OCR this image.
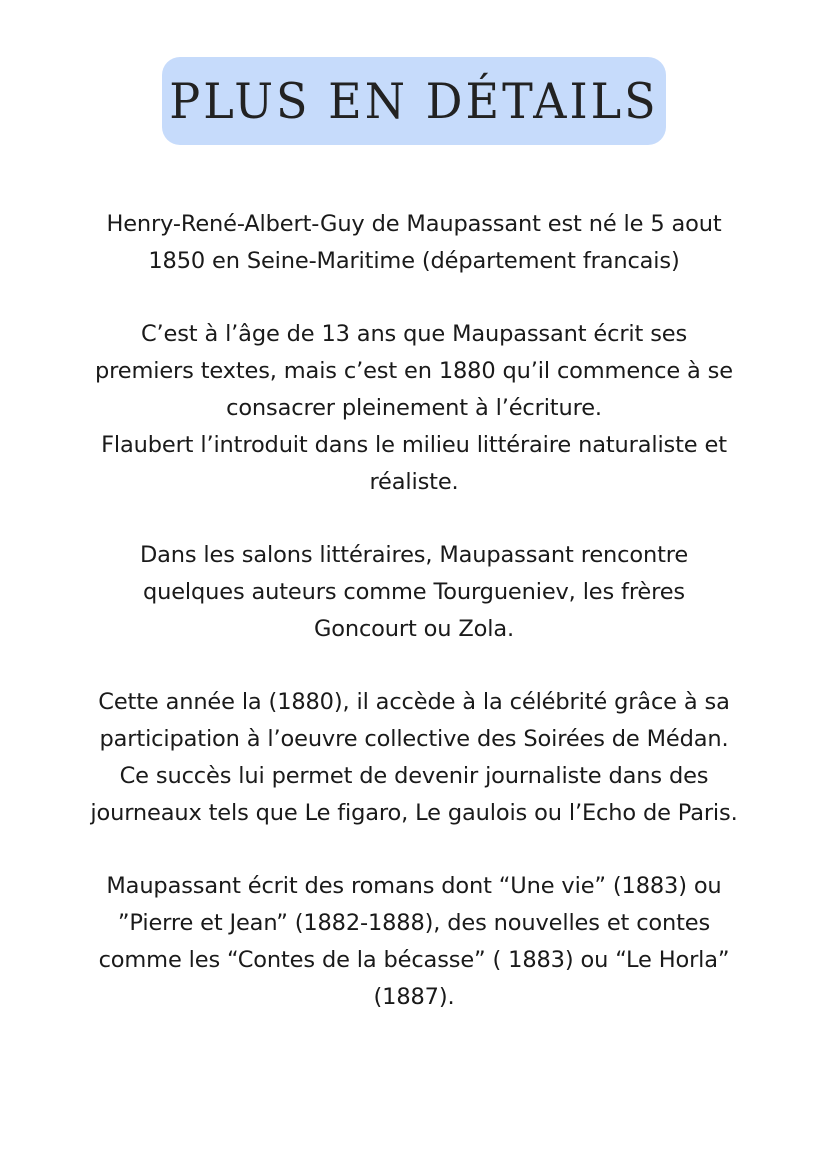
PLUS EN DÉTAILS

Henry-René-Albert-Guy de Maupassant est né le 5 aout
1850 en Seine-Maritime (département francais)

C’est à l’âge de 13 ans que Maupassant écrit ses
premiers textes, mais c’est en 1880 qu’il commence à se
consacrer pleinement à l’écriture.
Flaubert l’introduit dans le milieu littéraire naturaliste et
réaliste.

Dans les salons littéraires, Maupassant rencontre
quelques auteurs comme Tourgueniev, les frères
Goncourt ou Zola.

Cette année la (1880), il accède à la célébrité grâce à sa
participation à l’oeuvre collective des Soirées de Médan.
Ce succès lui permet de devenir journaliste dans des
journeaux tels que Le figaro, Le gaulois ou l’Echo de Paris.

Maupassant écrit des romans dont “Une vie” (1883) ou
”Pierre et Jean” (1882-1888), des nouvelles et contes
comme les “Contes de la bécasse” ( 1883) ou “Le Horla”
(1887).
